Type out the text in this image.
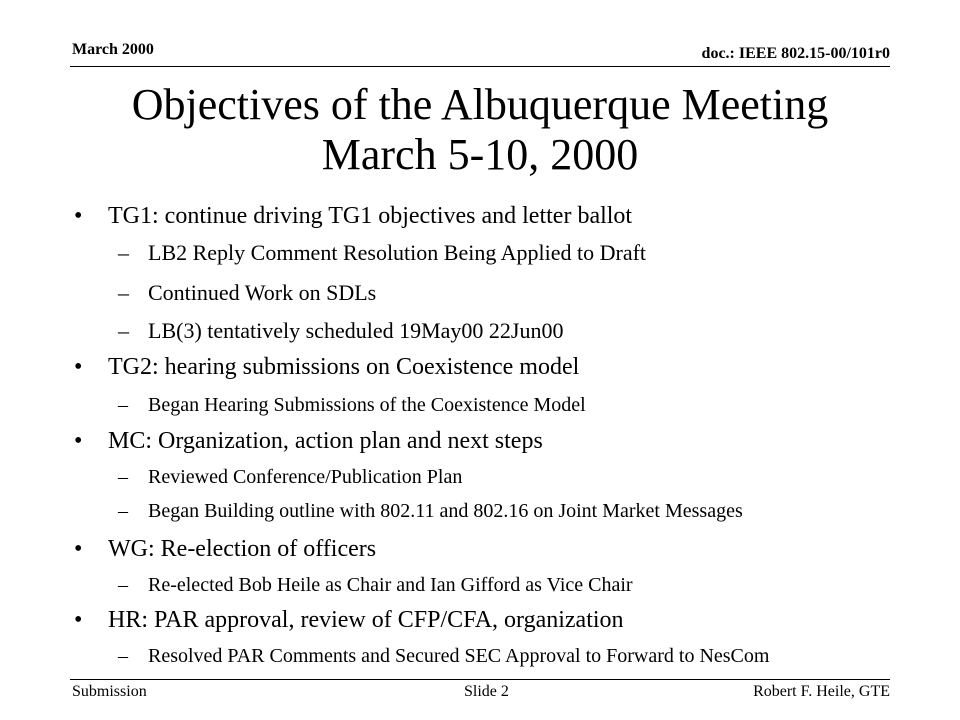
March 2000	doc.: IEEE 802.15-00/101r0
Objectives of the Albuquerque Meeting
March 5-10, 2000
• TG1: continue driving TG1 objectives and letter ballot
– LB2 Reply Comment Resolution Being Applied to Draft
– Continued Work on SDLs
– LB(3) tentatively scheduled 19May00 22Jun00
• TG2: hearing submissions on Coexistence model
– Began Hearing Submissions of the Coexistence Model
• MC: Organization, action plan and next steps
– Reviewed Conference/Publication Plan
– Began Building outline with 802.11 and 802.16 on Joint Market Messages
• WG: Re-election of officers
– Re-elected Bob Heile as Chair and Ian Gifford as Vice Chair
• HR: PAR approval, review of CFP/CFA, organization
– Resolved PAR Comments and Secured SEC Approval to Forward to NesCom
Submission	Slide 2	Robert F. Heile, GTE
